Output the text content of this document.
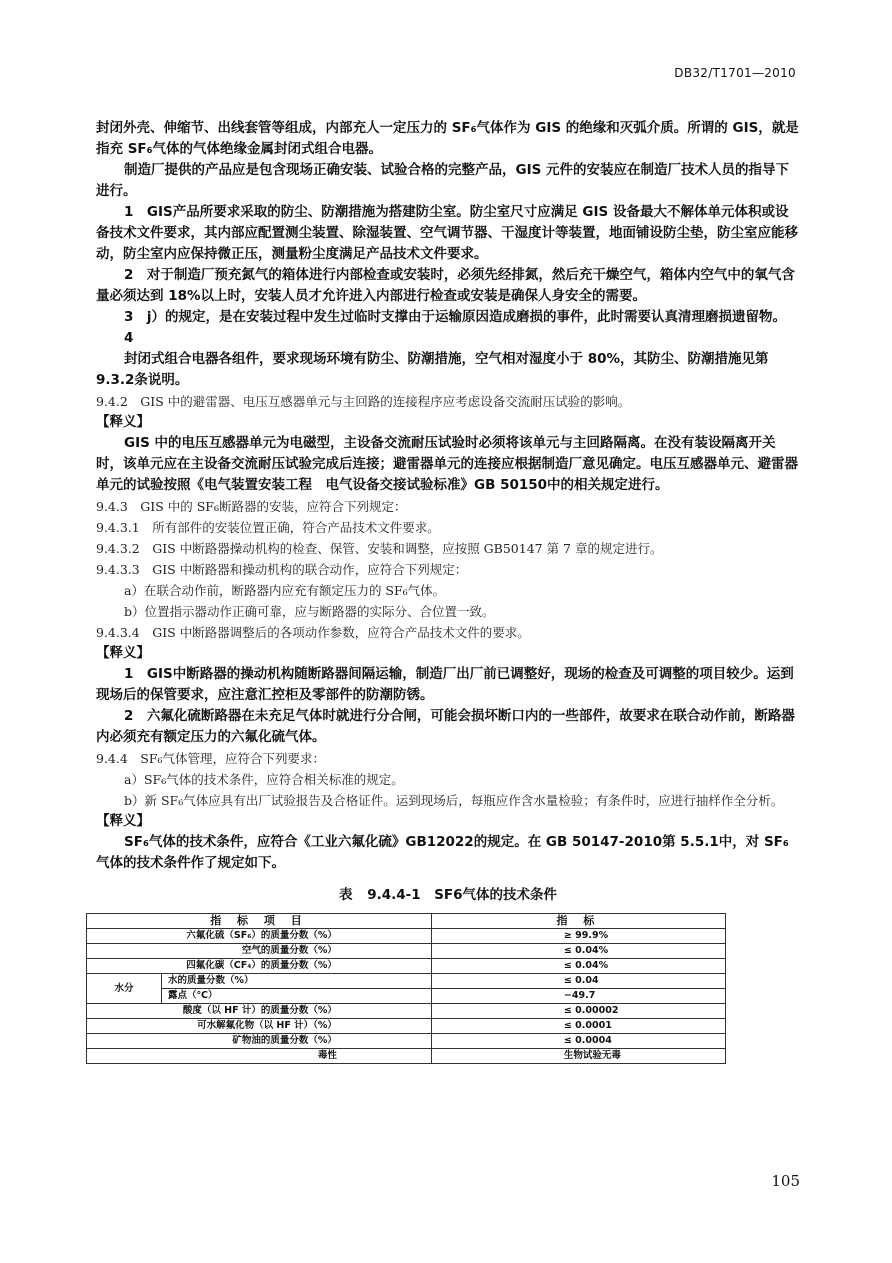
DB32/T1701—2010

封闭外壳、伸缩节、出线套管等组成，内部充人一定压力的 SF₆气体作为 GIS 的绝缘和灭弧介质。所谓的 GIS，就是指充 SF₆气体的气体绝缘金属封闭式组合电器。

制造厂提供的产品应是包含现场正确安装、试验合格的完整产品，GIS 元件的安装应在制造厂技术人员的指导下进行。

1　GIS产品所要求采取的防尘、防潮措施为搭建防尘室。防尘室尺寸应满足 GIS 设备最大不解体单元体积或设备技术文件要求，其内部应配置测尘装置、除湿装置、空气调节器、干湿度计等装置，地面铺设防尘垫，防尘室应能移动，防尘室内应保持微正压，测量粉尘度满足产品技术文件要求。

2　对于制造厂预充氮气的箱体进行内部检查或安装时，必须先经排氮，然后充干燥空气，箱体内空气中的氧气含量必须达到 18%以上时，安装人员才允许进入内部进行检查或安装是确保人身安全的需要。

3　j）的规定，是在安装过程中发生过临时支撑由于运输原因造成磨损的事件，此时需要认真清理磨损遗留物。

4

封闭式组合电器各组件，要求现场环境有防尘、防潮措施，空气相对湿度小于 80%，其防尘、防潮措施见第 9.3.2条说明。

9.4.2　GIS 中的避雷器、电压互感器单元与主回路的连接程序应考虑设备交流耐压试验的影响。

【释义】

GIS 中的电压互感器单元为电磁型，主设备交流耐压试验时必须将该单元与主回路隔离。在没有装设隔离开关时，该单元应在主设备交流耐压试验完成后连接；避雷器单元的连接应根据制造厂意见确定。电压互感器单元、避雷器单元的试验按照《电气装置安装工程　电气设备交接试验标准》GB 50150中的相关规定进行。

9.4.3　GIS 中的 SF₆断路器的安装，应符合下列规定：

9.4.3.1　所有部件的安装位置正确，符合产品技术文件要求。

9.4.3.2　GIS 中断路器操动机构的检查、保管、安装和调整，应按照 GB50147 第 7 章的规定进行。

9.4.3.3　GIS 中断路器和操动机构的联合动作，应符合下列规定：

a）在联合动作前，断路器内应充有额定压力的 SF₆气体。

b）位置指示器动作正确可靠，应与断路器的实际分、合位置一致。

9.4.3.4　GIS 中断路器调整后的各项动作参数，应符合产品技术文件的要求。

【释义】

1　GIS中断路器的操动机构随断路器间隔运输，制造厂出厂前已调整好，现场的检查及可调整的项目较少。运到现场后的保管要求，应注意汇控柜及零部件的防潮防锈。

2　六氟化硫断路器在未充足气体时就进行分合闸，可能会损坏断口内的一些部件，故要求在联合动作前，断路器内必须充有额定压力的六氟化硫气体。

9.4.4　SF₆气体管理，应符合下列要求：

a）SF₆气体的技术条件，应符合相关标准的规定。

b）新 SF₆气体应具有出厂试验报告及合格证件。运到现场后，每瓶应作含水量检验；有条件时，应进行抽样作全分析。

【释义】

SF₆气体的技术条件，应符合《工业六氟化硫》GB12022的规定。在 GB 50147-2010第 5.5.1中，对 SF₆气体的技术条件作了规定如下。

表 9.4.4-1　SF6气体的技术条件
指 标 项 目		指 标
六氟化硫（SF₆）的质量分数（%）		≥ 99.9%
空气的质量分数（%）		≤ 0.04%
四氟化碳（CF₄）的质量分数（%）		≤ 0.04%
水分	水的质量分数（%）	≤ 0.04
	露点（℃）	−49.7
酸度（以 HF 计）的质量分数（%）		≤ 0.00002
可水解氟化物（以 HF 计）（%）		≤ 0.0001
矿物油的质量分数（%）		≤ 0.0004
毒性		生物试验无毒
105
